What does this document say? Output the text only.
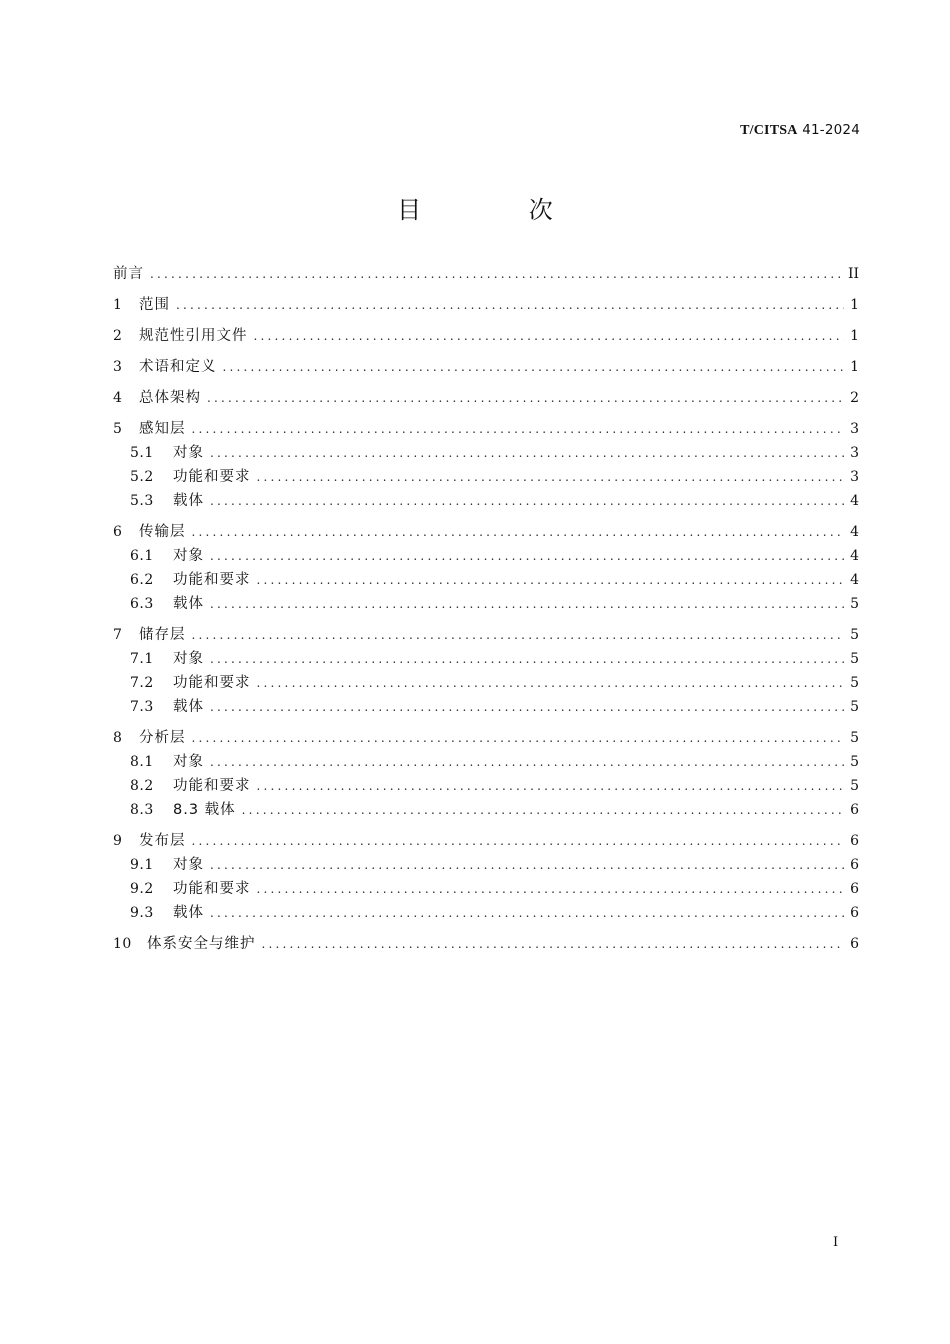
T/CITSA 41-2024
目 次
前言 .....	II
1	范围 .....	1
2	规范性引用文件 .....	1
3	术语和定义 .....	1
4	总体架构 .....	2
5	感知层 .....	3
5.1	对象 .....	3
5.2	功能和要求 .....	3
5.3	载体 .....	4
6	传输层 .....	4
6.1	对象 .....	4
6.2	功能和要求 .....	4
6.3	载体 .....	5
7	储存层 .....	5
7.1	对象 .....	5
7.2	功能和要求 .....	5
7.3	载体 .....	5
8	分析层 .....	5
8.1	对象 .....	5
8.2	功能和要求 .....	5
8.3	8.3 载体 .....	6
9	发布层 .....	6
9.1	对象 .....	6
9.2	功能和要求 .....	6
9.3	载体 .....	6
10	体系安全与维护 .....	6
I
